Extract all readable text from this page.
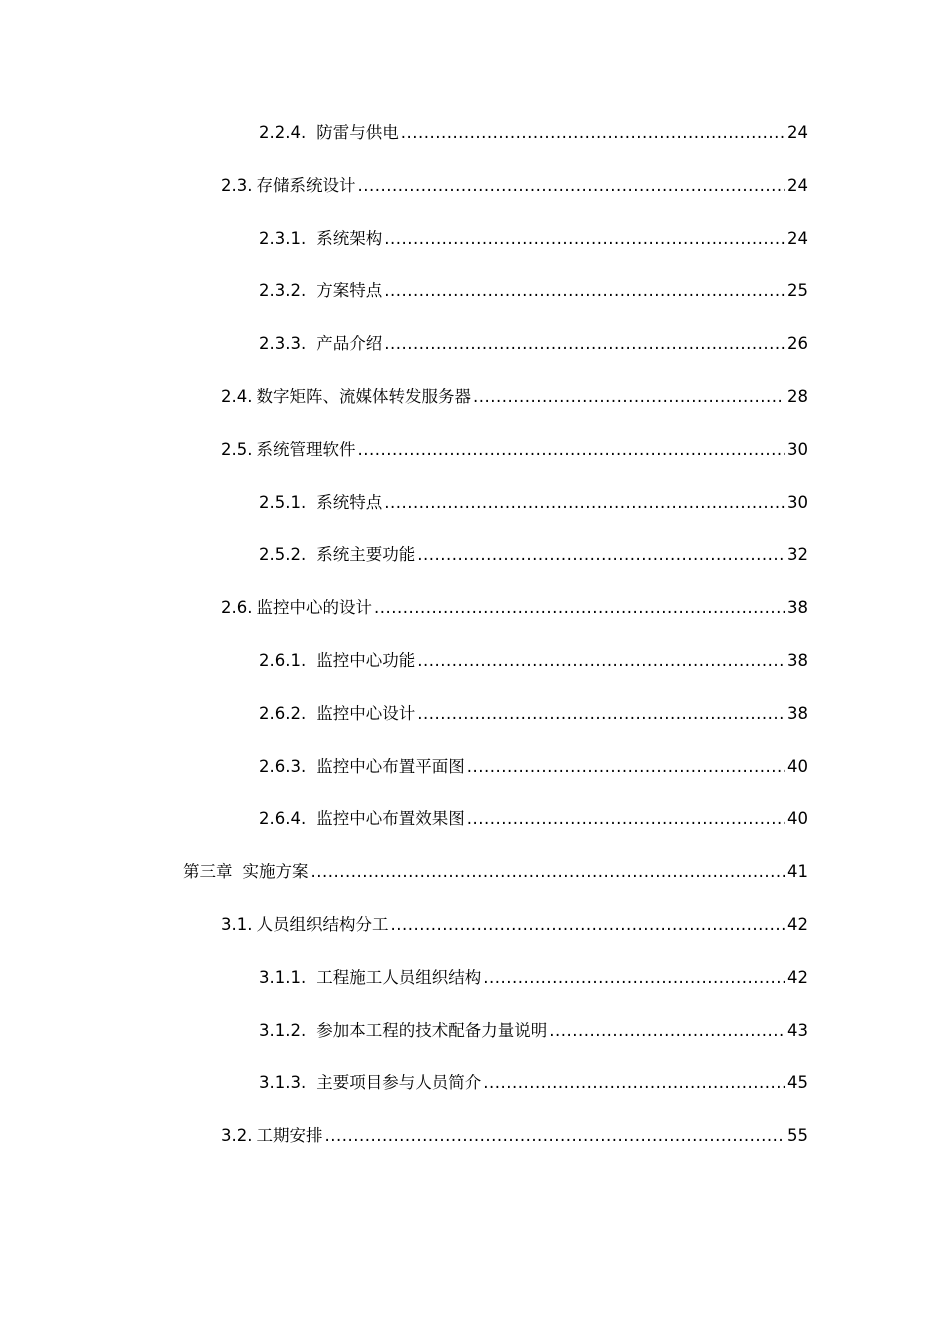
2.2.4. 防雷与供电 .....	24
2.3. 存储系统设计 .....	24
2.3.1. 系统架构 .....	24
2.3.2. 方案特点 .....	25
2.3.3. 产品介绍 .....	26
2.4. 数字矩阵、流媒体转发服务器 .....	28
2.5. 系统管理软件 .....	30
2.5.1. 系统特点 .....	30
2.5.2. 系统主要功能 .....	32
2.6. 监控中心的设计 .....	38
2.6.1. 监控中心功能 .....	38
2.6.2. 监控中心设计 .....	38
2.6.3. 监控中心布置平面图 .....	40
2.6.4. 监控中心布置效果图 .....	40
第三章 实施方案 .....	41
3.1. 人员组织结构分工 .....	42
3.1.1. 工程施工人员组织结构 .....	42
3.1.2. 参加本工程的技术配备力量说明 .....	43
3.1.3. 主要项目参与人员简介 .....	45
3.2. 工期安排 .....	55
